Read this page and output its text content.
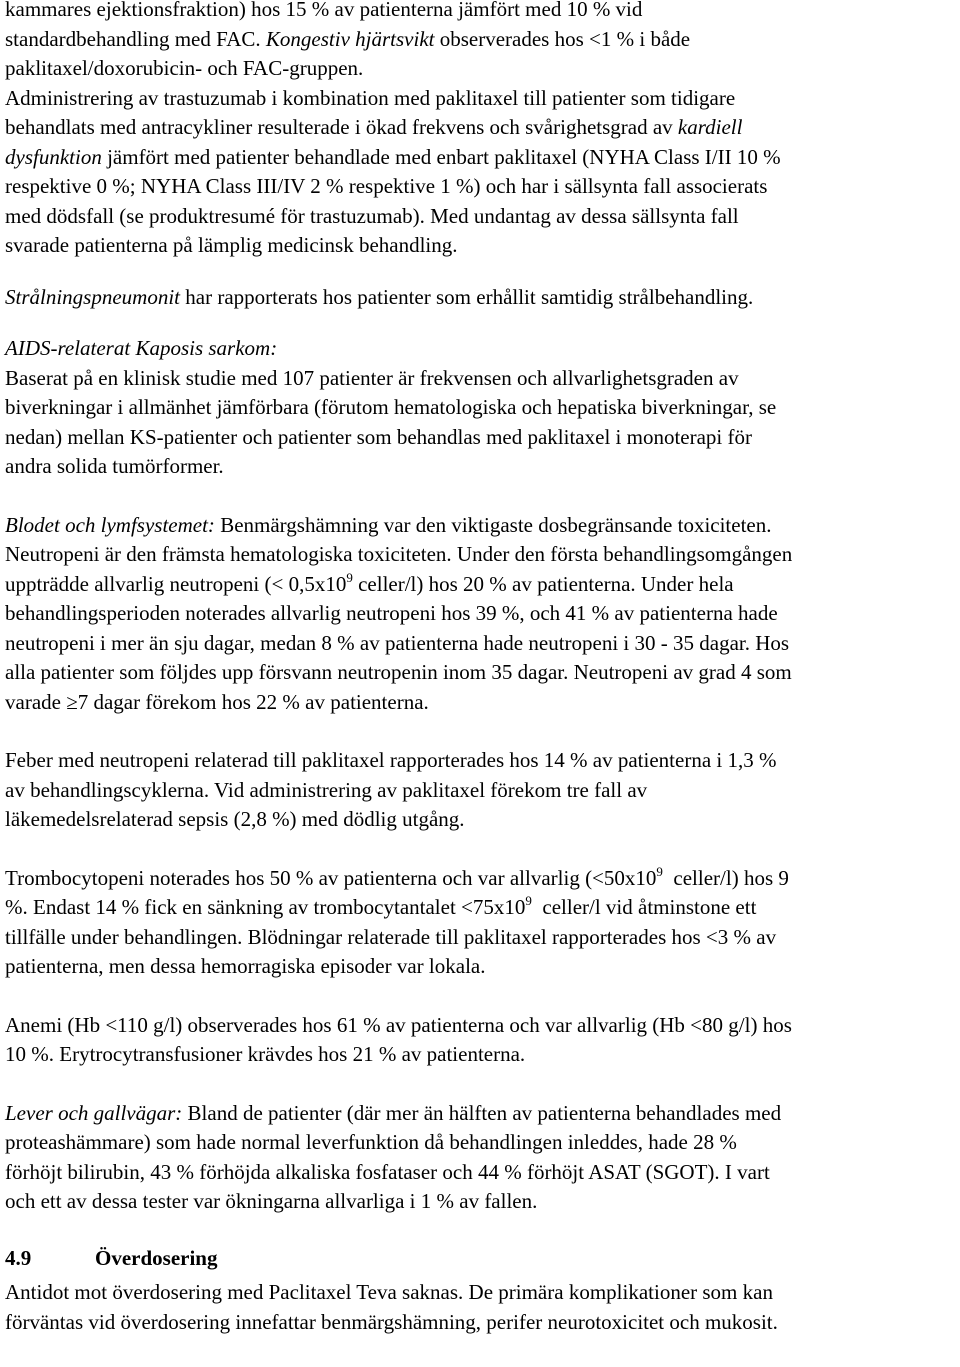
kammares ejektionsfraktion) hos 15 % av patienterna jämfört med 10 % vid

standardbehandling med FAC. Kongestiv hjärtsvikt observerades hos <1 % i både

paklitaxel/doxorubicin- och FAC-gruppen.

Administrering av trastuzumab i kombination med paklitaxel till patienter som tidigare

behandlats med antracykliner resulterade i ökad frekvens och svårighetsgrad av kardiell

dysfunktion jämfört med patienter behandlade med enbart paklitaxel (NYHA Class I/II 10 %

respektive 0 %; NYHA Class III/IV 2 % respektive 1 %) och har i sällsynta fall associerats

med dödsfall (se produktresumé för trastuzumab). Med undantag av dessa sällsynta fall

svarade patienterna på lämplig medicinsk behandling.

Strålningspneumonit har rapporterats hos patienter som erhållit samtidig strålbehandling.

AIDS-relaterat Kaposis sarkom:

Baserat på en klinisk studie med 107 patienter är frekvensen och allvarlighetsgraden av

biverkningar i allmänhet jämförbara (förutom hematologiska och hepatiska biverkningar, se

nedan) mellan KS-patienter och patienter som behandlas med paklitaxel i monoterapi för

andra solida tumörformer.

Blodet och lymfsystemet: Benmärgshämning var den viktigaste dosbegränsande toxiciteten.

Neutropeni är den främsta hematologiska toxiciteten. Under den första behandlingsomgången

uppträdde allvarlig neutropeni (< $0,5x10^9$ celler/l) hos 20 % av patienterna. Under hela

behandlingsperioden noterades allvarlig neutropeni hos 39 %, och 41 % av patienterna hade

neutropeni i mer än sju dagar, medan 8 % av patienterna hade neutropeni i 30 - 35 dagar. Hos

alla patienter som följdes upp försvann neutropenin inom 35 dagar. Neutropeni av grad 4 som

varade ≥7 dagar förekom hos 22 % av patienterna.

Feber med neutropeni relaterad till paklitaxel rapporterades hos 14 % av patienterna i 1,3 %

av behandlingscyklerna. Vid administrering av paklitaxel förekom tre fall av

läkemedelsrelaterad sepsis (2,8 %) med dödlig utgång.

Trombocytopeni noterades hos 50 % av patienterna och var allvarlig ($<50x10^9$  celler/l) hos 9

%. Endast 14 % fick en sänkning av trombocytantalet $<75x10^9$  celler/l vid åtminstone ett

tillfälle under behandlingen. Blödningar relaterade till paklitaxel rapporterades hos <3 % av

patienterna, men dessa hemorragiska episoder var lokala.

Anemi (Hb <110 g/l) observerades hos 61 % av patienterna och var allvarlig (Hb <80 g/l) hos

10 %. Erytrocytransfusioner krävdes hos 21 % av patienterna.

Lever och gallvägar: Bland de patienter (där mer än hälften av patienterna behandlades med

proteashämmare) som hade normal leverfunktion då behandlingen inleddes, hade 28 %

förhöjt bilirubin, 43 % förhöjda alkaliska fosfataser och 44 % förhöjt ASAT (SGOT). I vart

och ett av dessa tester var ökningarna allvarliga i 1 % av fallen.

4.9	Överdosering

Antidot mot överdosering med Paclitaxel Teva saknas. De primära komplikationer som kan

förväntas vid överdosering innefattar benmärgshämning, perifer neurotoxicitet och mukosit.
